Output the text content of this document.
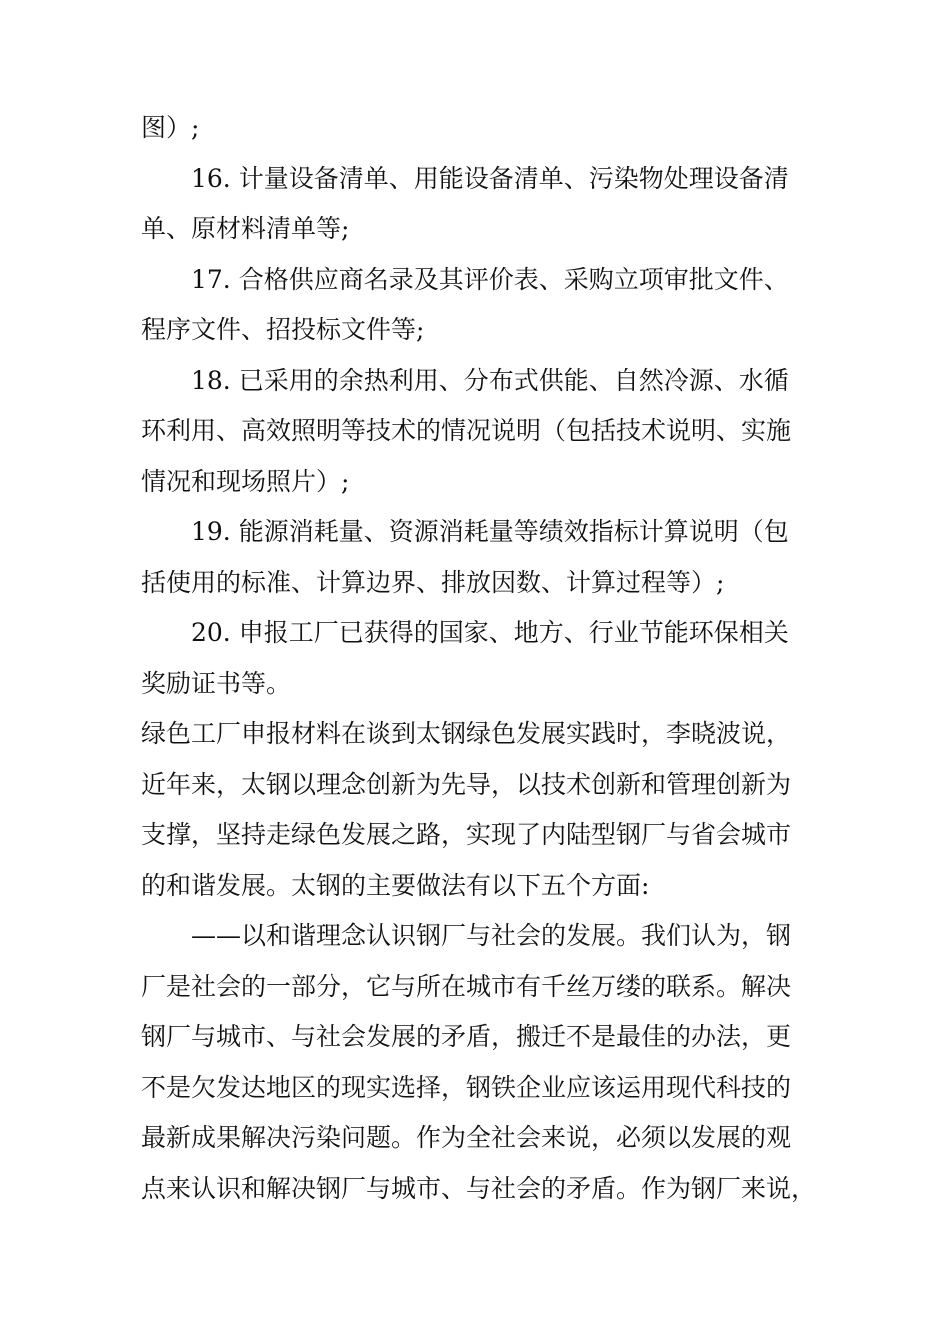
图）;
16. 计量设备清单、用能设备清单、污染物处理设备清
单、原材料清单等;
17. 合格供应商名录及其评价表、采购立项审批文件、
程序文件、招投标文件等;
18. 已采用的余热利用、分布式供能、自然冷源、水循
环利用、高效照明等技术的情况说明（包括技术说明、实施
情况和现场照片）;
19. 能源消耗量、资源消耗量等绩效指标计算说明（包
括使用的标准、计算边界、排放因数、计算过程等）;
20. 申报工厂已获得的国家、地方、行业节能环保相关
奖励证书等。
绿色工厂申报材料在谈到太钢绿色发展实践时，李晓波说，
近年来，太钢以理念创新为先导，以技术创新和管理创新为
支撑，坚持走绿色发展之路，实现了内陆型钢厂与省会城市
的和谐发展。太钢的主要做法有以下五个方面:
——以和谐理念认识钢厂与社会的发展。我们认为，钢
厂是社会的一部分，它与所在城市有千丝万缕的联系。解决
钢厂与城市、与社会发展的矛盾，搬迁不是最佳的办法，更
不是欠发达地区的现实选择，钢铁企业应该运用现代科技的
最新成果解决污染问题。作为全社会来说，必须以发展的观
点来认识和解决钢厂与城市、与社会的矛盾。作为钢厂来说，
